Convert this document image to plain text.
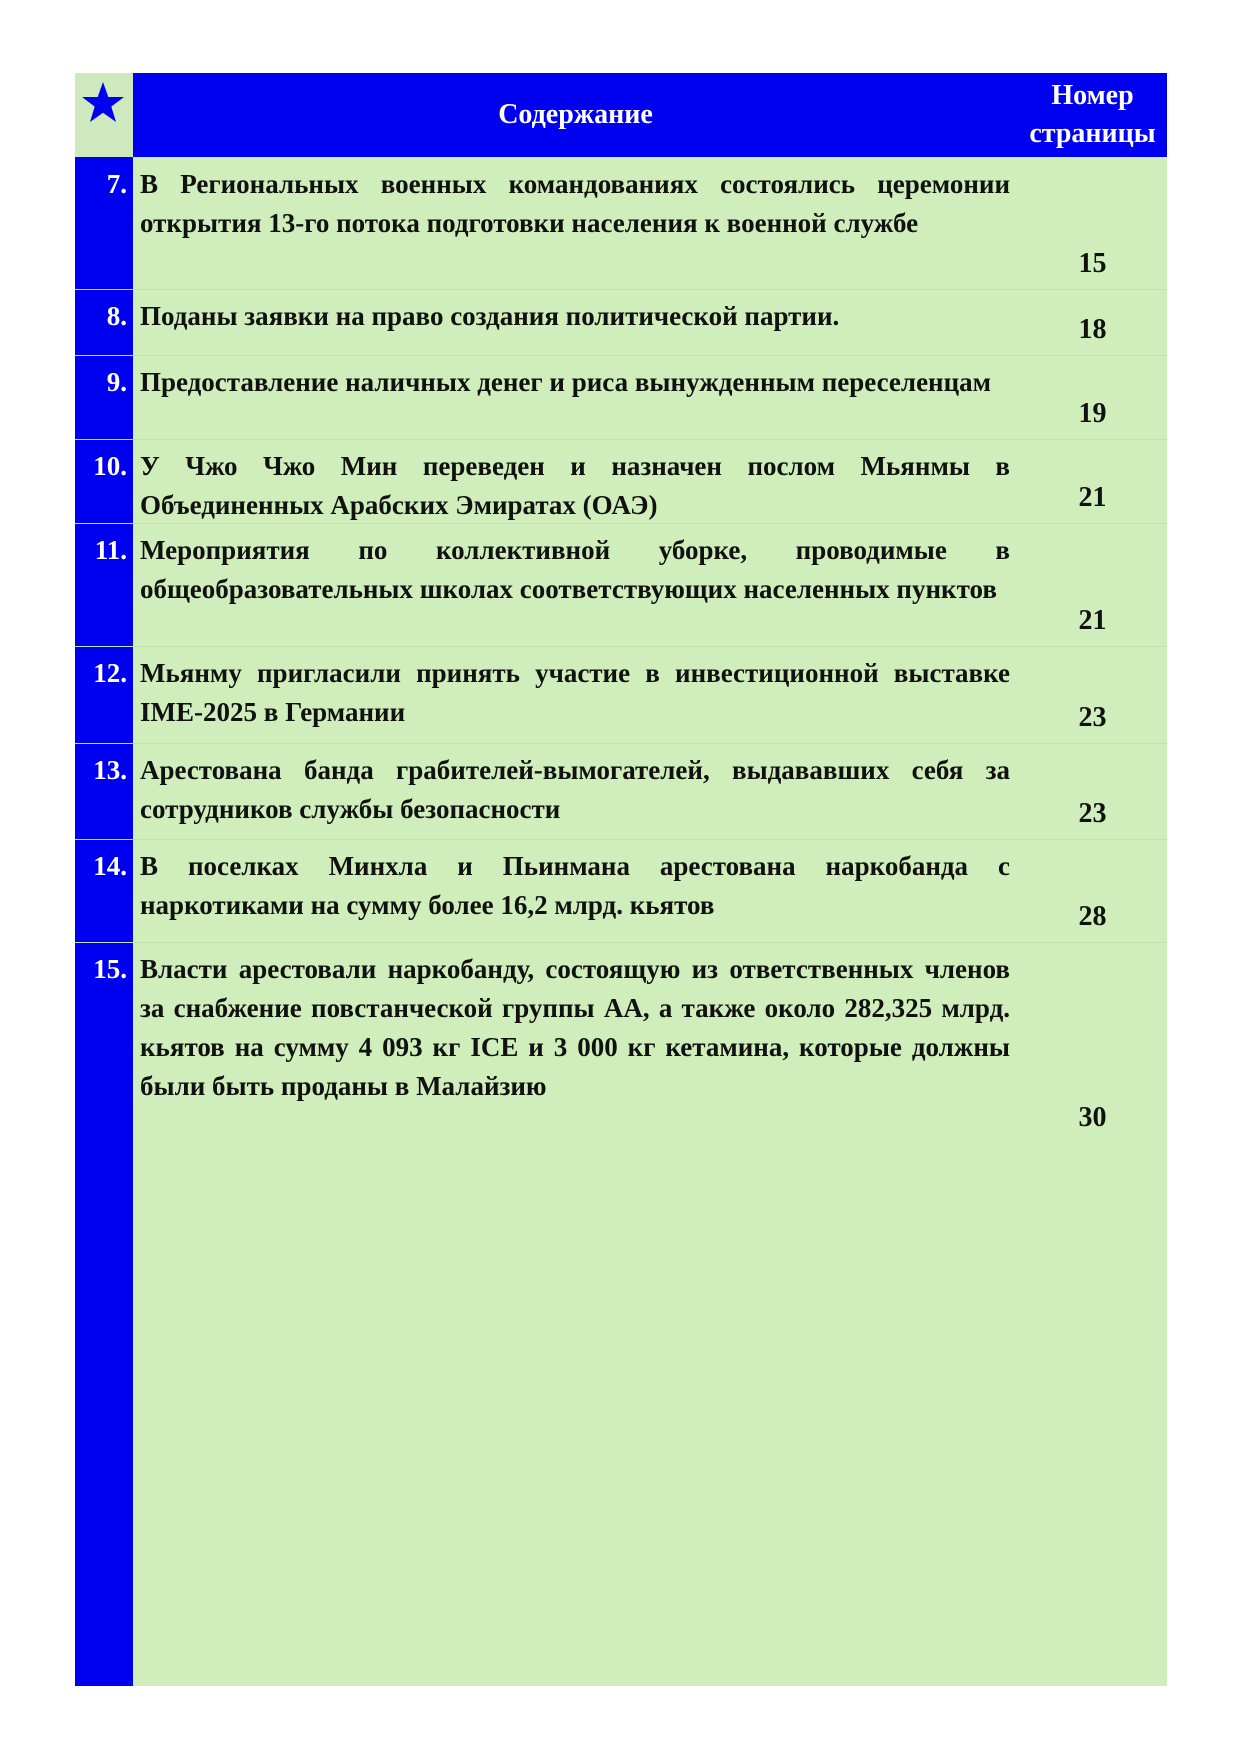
Содержание
Номер
страницы
7. В Региональных военных командованиях состоялись церемонии открытия 13-го потока подготовки населения к военной службе
15
8. Поданы заявки на право создания политической партии.	18
9. Предоставление наличных денег и риса вынужденным переселенцам
19
10. У Чжо Чжо Мин переведен и назначен послом Мьянмы в Объединенных Арабских Эмиратах (ОАЭ)	21
11. Мероприятия по коллективной уборке, проводимые в общеобразовательных школах соответствующих населенных пунктов
21
12. Мьянму пригласили принять участие в инвестиционной выставке IME-2025 в Германии	23
13. Арестована банда грабителей-вымогателей, выдававших себя за сотрудников службы безопасности	23
14. В поселках Минхла и Пьинмана арестована наркобанда с наркотиками на сумму более 16,2 млрд. кьятов	28
15. Власти арестовали наркобанду, состоящую из ответственных членов за снабжение повстанческой группы АА, а также около 282,325 млрд. кьятов на сумму 4 093 кг ICE и 3 000 кг кетамина, которые должны были быть проданы в Малайзию
30
